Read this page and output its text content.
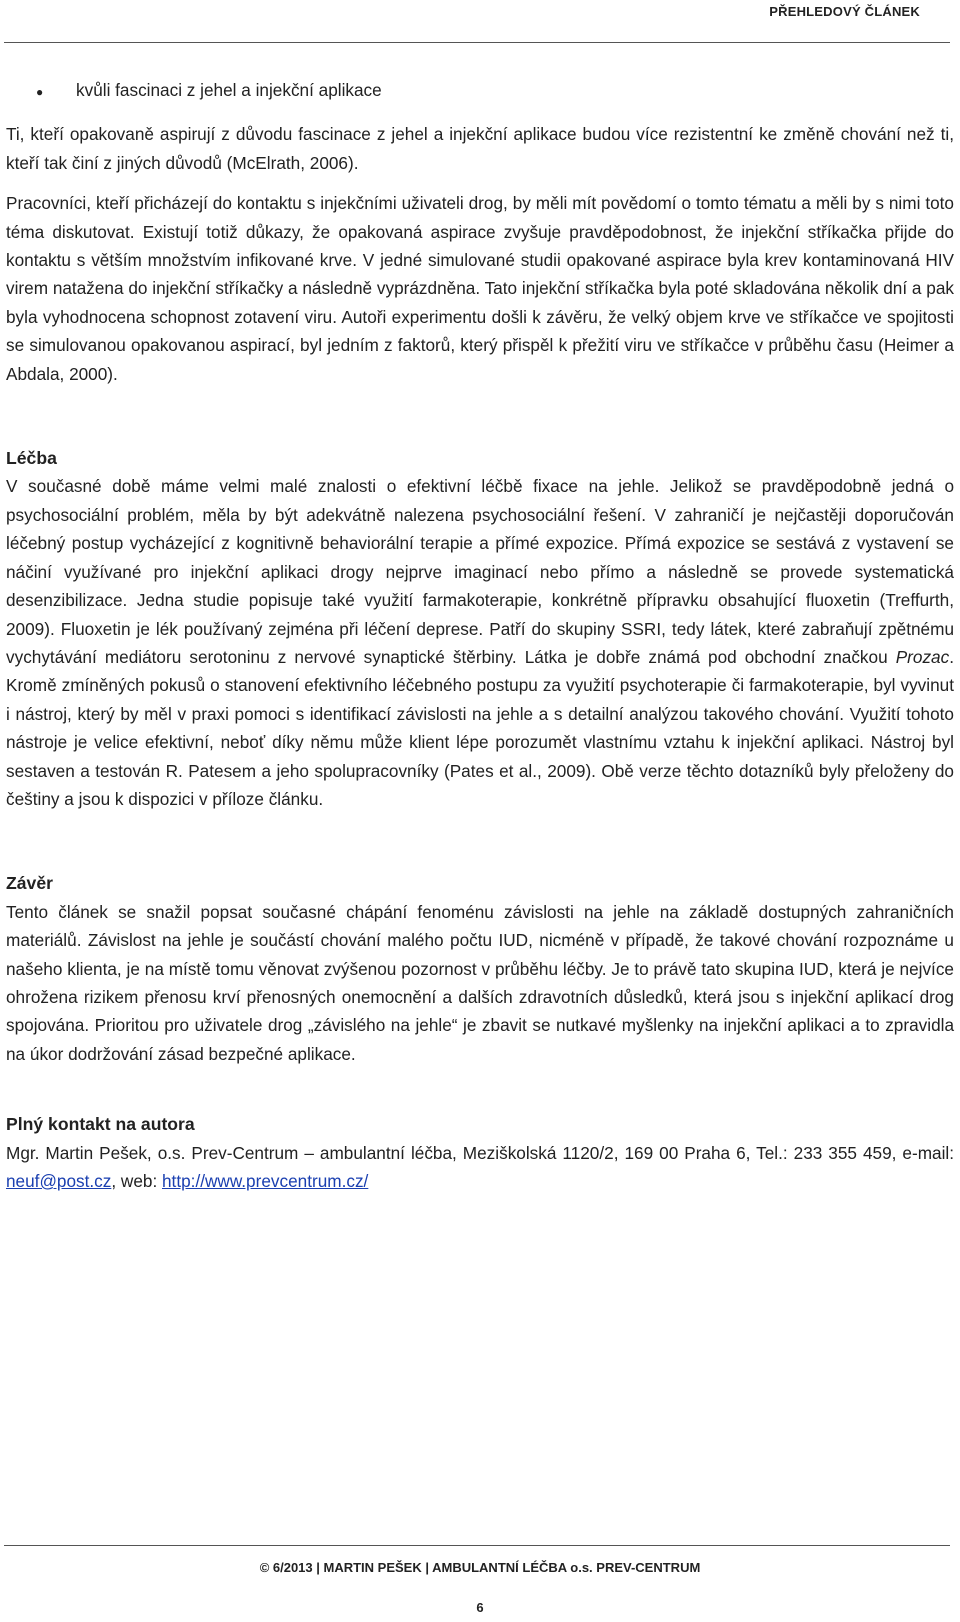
PŘEHLEDOVÝ ČLÁNEK
●	kvůli fascinaci z jehel a injekční aplikace

Ti, kteří opakovaně aspirují z důvodu fascinace z jehel a injekční aplikace budou více rezistentní ke změně chování než ti, kteří tak činí z jiných důvodů (McElrath, 2006).

Pracovníci, kteří přicházejí do kontaktu s injekčními uživateli drog, by měli mít povědomí o tomto tématu a měli by s nimi toto téma diskutovat. Existují totiž důkazy, že opakovaná aspirace zvyšuje pravděpodobnost, že injekční stříkačka přijde do kontaktu s větším množstvím infikované krve. V jedné simulované studii opakované aspirace byla krev kontaminovaná HIV virem natažena do injekční stříkačky a následně vyprázdněna. Tato injekční stříkačka byla poté skladována několik dní a pak byla vyhodnocena schopnost zotavení viru. Autoři experimentu došli k závěru, že velký objem krve ve stříkačce ve spojitosti se simulovanou opakovanou aspirací, byl jedním z faktorů, který přispěl k přežití viru ve stříkačce v průběhu času (Heimer a Abdala, 2000).

Léčba

V současné době máme velmi malé znalosti o efektivní léčbě fixace na jehle. Jelikož se pravděpodobně jedná o psychosociální problém, měla by být adekvátně nalezena psychosociální řešení. V zahraničí je nejčastěji doporučován léčebný postup vycházející z kognitivně behaviorální terapie a přímé expozice. Přímá expozice se sestává z vystavení se náčiní využívané pro injekční aplikaci drogy nejprve imaginací nebo přímo a následně se provede systematická desenzibilizace. Jedna studie popisuje také využití farmakoterapie, konkrétně přípravku obsahující fluoxetin (Treffurth, 2009). Fluoxetin je lék používaný zejména při léčení deprese. Patří do skupiny SSRI, tedy látek, které zabraňují zpětnému vychytávání mediátoru serotoninu z nervové synaptické štěrbiny. Látka je dobře známá pod obchodní značkou Prozac. Kromě zmíněných pokusů o stanovení efektivního léčebného postupu za využití psychoterapie či farmakoterapie, byl vyvinut i nástroj, který by měl v praxi pomoci s identifikací závislosti na jehle a s detailní analýzou takového chování. Využití tohoto nástroje je velice efektivní, neboť díky němu může klient lépe porozumět vlastnímu vztahu k injekční aplikaci. Nástroj byl sestaven a testován R. Patesem a jeho spolupracovníky (Pates et al., 2009). Obě verze těchto dotazníků byly přeloženy do češtiny a jsou k dispozici v příloze článku.

Závěr

Tento článek se snažil popsat současné chápání fenoménu závislosti na jehle na základě dostupných zahraničních materiálů. Závislost na jehle je součástí chování malého počtu IUD, nicméně v případě, že takové chování rozpoznáme u našeho klienta, je na místě tomu věnovat zvýšenou pozornost v průběhu léčby. Je to právě tato skupina IUD, která je nejvíce ohrožena rizikem přenosu krví přenosných onemocnění a dalších zdravotních důsledků, která jsou s injekční aplikací drog spojována. Prioritou pro uživatele drog „závislého na jehle“ je zbavit se nutkavé myšlenky na injekční aplikaci a to zpravidla na úkor dodržování zásad bezpečné aplikace.

Plný kontakt na autora

Mgr. Martin Pešek, o.s. Prev-Centrum – ambulantní léčba, Meziškolská 1120/2, 169 00 Praha 6, Tel.: 233 355 459, e-mail: neuf@post.cz, web: http://www.prevcentrum.cz/

© 6/2013 | MARTIN PEŠEK | AMBULANTNÍ LÉČBA o.s. PREV-CENTRUM
6
